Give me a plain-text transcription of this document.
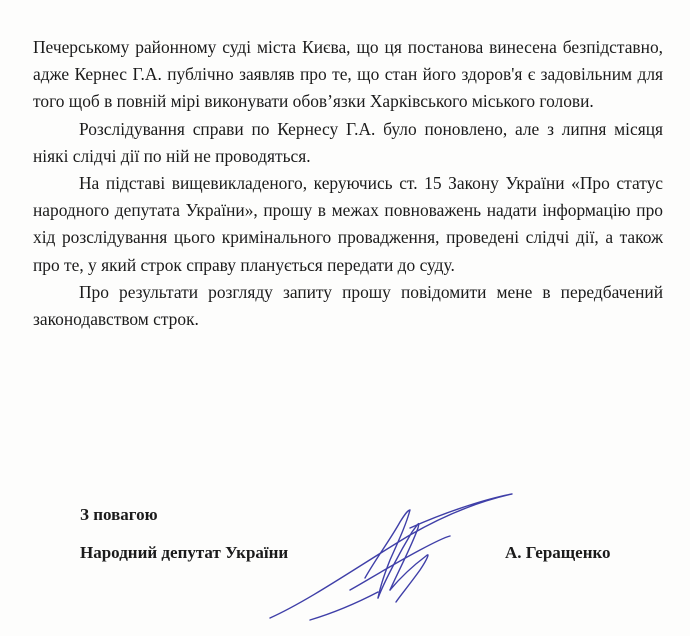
Печерському районному суді міста Києва, що ця постанова винесена безпідставно, адже Кернес Г.А. публічно заявляв про те, що стан його здоров'я є задовільним для того щоб в повній мірі виконувати обов’язки Харківського міського голови.

Розслідування справи по Кернесу Г.А. було поновлено, але з липня місяця ніякі слідчі дії по ній не проводяться.

На підставі вищевикладеного, керуючись ст. 15 Закону України «Про статус народного депутата України», прошу в межах повноважень надати інформацію про хід розслідування цього кримінального провадження, проведені слідчі дії, а також про те, у який строк справу планується передати до суду.

Про результати розгляду запиту прошу повідомити мене в передбачений законодавством строк.

З повагою
Народний депутат України	А. Геращенко
